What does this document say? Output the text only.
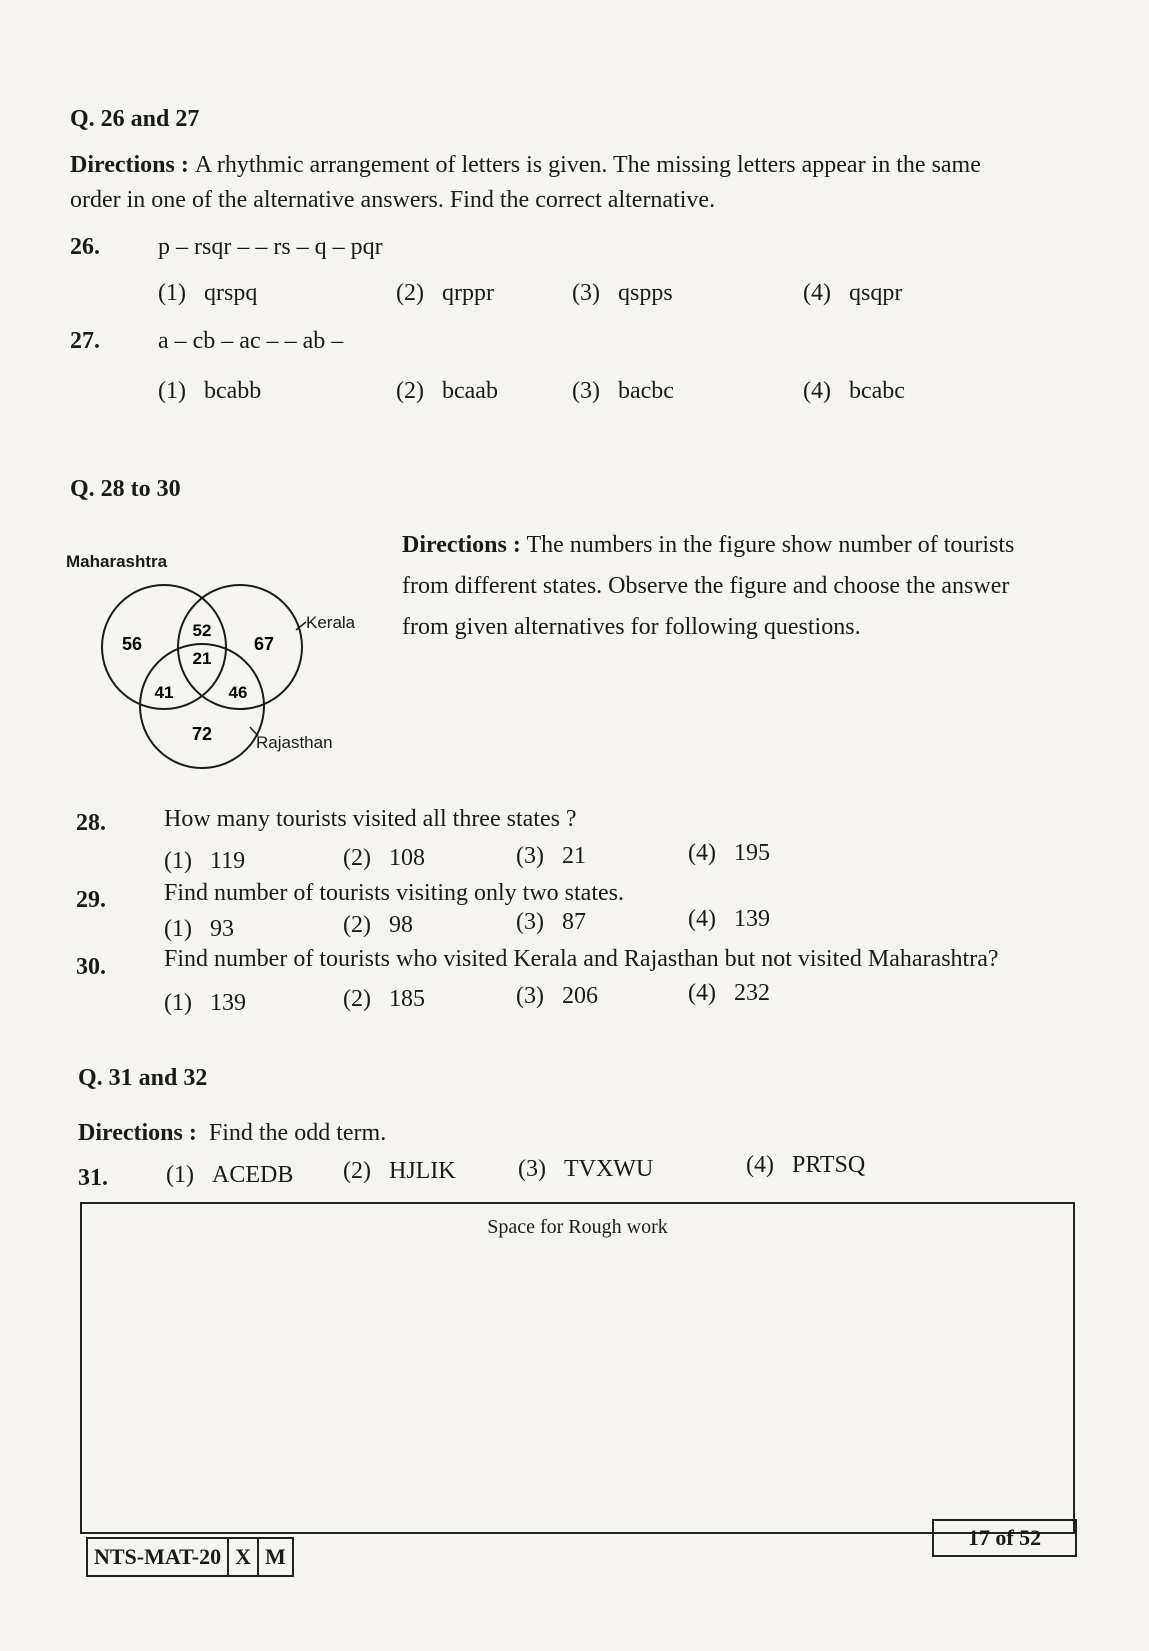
Q. 26 and 27
Directions : A rhythmic arrangement of letters is given. The missing letters appear in the same
order in one of the alternative answers. Find the correct alternative.
26. p – rsqr – – rs – q – pqr
(1) qrspq	(2) qrppr	(3) qspps	(4) qsqpr
27. a – cb – ac – – ab –
(1) bcabb	(2) bcaab	(3) bacbc	(4) bcabc
Q. 28 to 30
Maharashtra
56
52
67
21
41	46
72
Kerala
Rajasthan
Directions : The numbers in the figure show number of tourists
from different states. Observe the figure and choose the answer
from given alternatives for following questions.
28. How many tourists visited all three states ?
(1) 119	(2) 108	(3) 21	(4) 195
29. Find number of tourists visiting only two states.
(1) 93	(2) 98	(3) 87	(4) 139
30. Find number of tourists who visited Kerala and Rajasthan but not visited Maharashtra?
(1) 139	(2) 185	(3) 206	(4) 232
Q. 31 and 32
Directions :  Find the odd term.
31. (1) ACEDB (2) HJLIK	(3) TVXWU	(4) PRTSQ
Space for Rough work
NTS-MAT-20 X M
17 of 52
